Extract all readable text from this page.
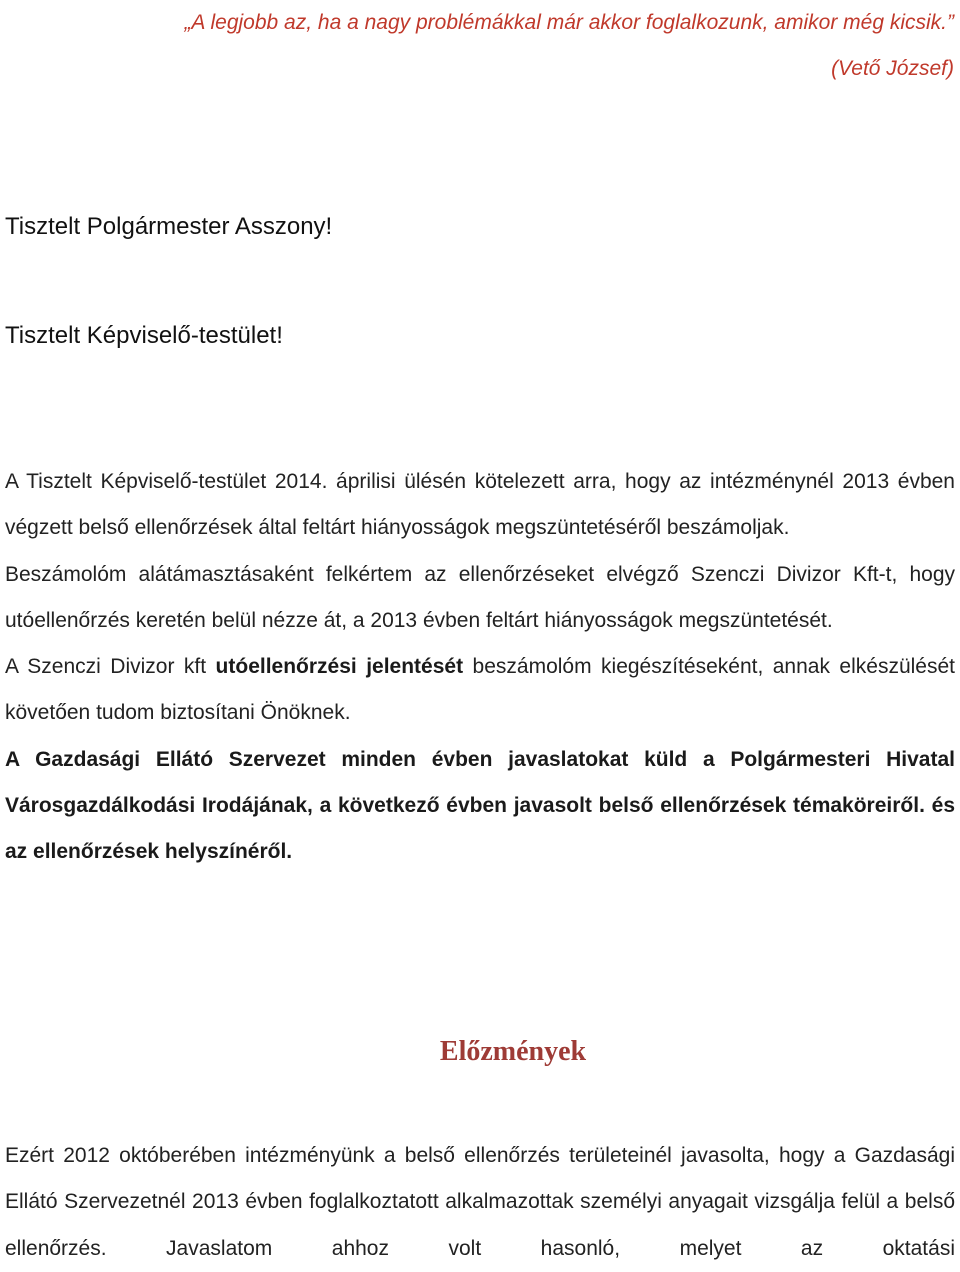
„A legjobb az, ha a nagy problémákkal már akkor foglalkozunk, amikor még kicsik.”

(Vető József)

Tisztelt Polgármester Asszony!
Tisztelt Képviselő-testület!

A Tisztelt Képviselő-testület 2014. áprilisi ülésén kötelezett arra, hogy az intézménynél 2013 évben végzett belső ellenőrzések által feltárt hiányosságok megszüntetéséről beszámoljak.

Beszámolóm alátámasztásaként felkértem az ellenőrzéseket elvégző Szenczi Divizor Kft-t, hogy utóellenőrzés keretén belül nézze át, a 2013 évben feltárt hiányosságok megszüntetését.

A Szenczi Divizor kft utóellenőrzési jelentését beszámolóm kiegészítéseként, annak elkészülését követően tudom biztosítani Önöknek.

A Gazdasági Ellátó Szervezet minden évben javaslatokat küld a Polgármesteri Hivatal Városgazdálkodási Irodájának, a következő évben javasolt belső ellenőrzések témaköreiről. és az ellenőrzések helyszínéről.

Előzmények

Ezért 2012 októberében intézményünk a belső ellenőrzés területeinél javasolta, hogy a Gazdasági Ellátó Szervezetnél 2013 évben foglalkoztatott alkalmazottak személyi anyagait vizsgálja felül a belső ellenőrzés. Javaslatom ahhoz volt hasonló, melyet az oktatási
